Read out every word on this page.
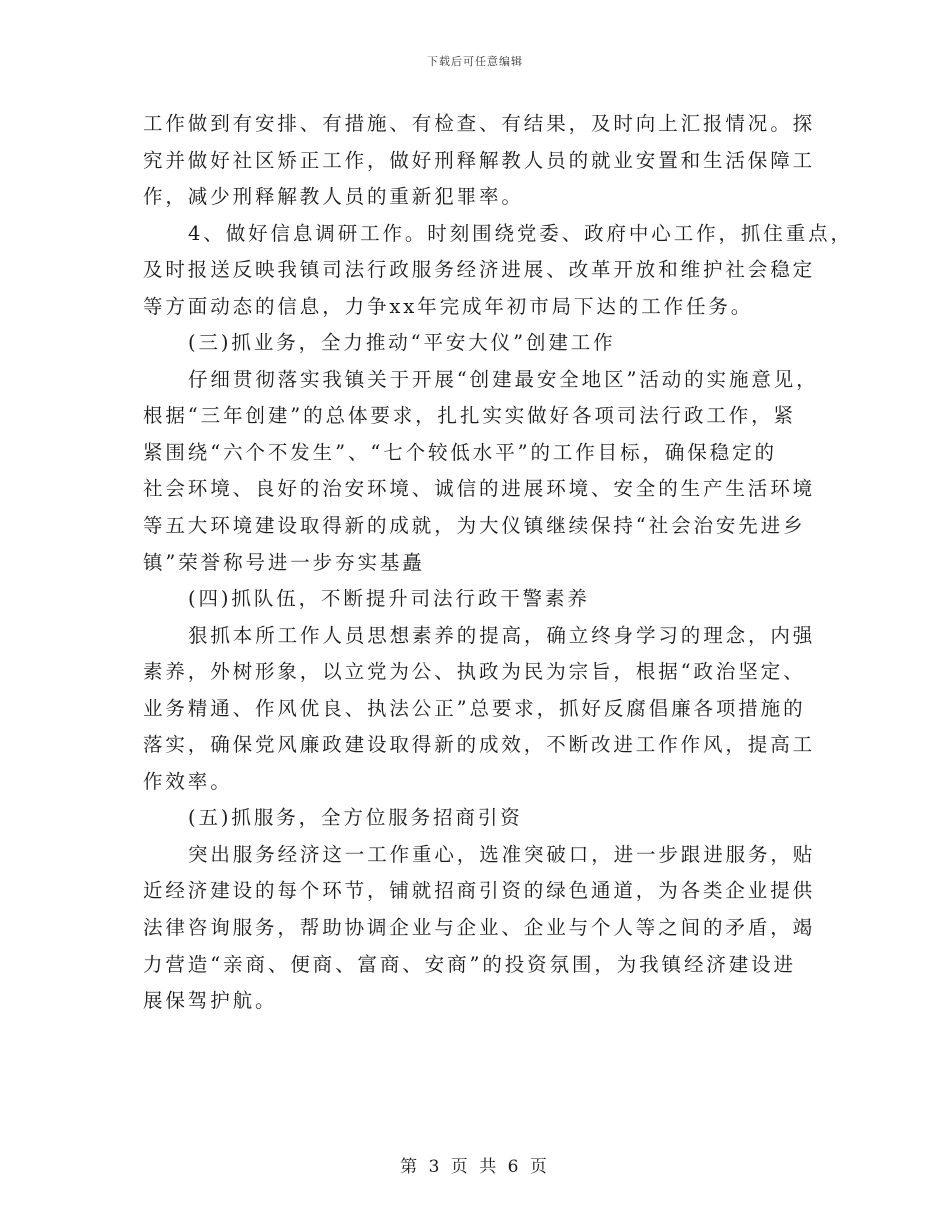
下载后可任意编辑
工作做到有安排、有措施、有检查、有结果，及时向上汇报情况。探
究并做好社区矫正工作，做好刑释解教人员的就业安置和生活保障工
作，减少刑释解教人员的重新犯罪率。
4、做好信息调研工作。时刻围绕党委、政府中心工作，抓住重点，
及时报送反映我镇司法行政服务经济进展、改革开放和维护社会稳定
等方面动态的信息，力争xx年完成年初市局下达的工作任务。
(三)抓业务，全力推动“平安大仪”创建工作
仔细贯彻落实我镇关于开展“创建最安全地区”活动的实施意见，
根据“三年创建”的总体要求，扎扎实实做好各项司法行政工作，紧
紧围绕“六个不发生”、“七个较低水平”的工作目标，确保稳定的
社会环境、良好的治安环境、诚信的进展环境、安全的生产生活环境
等五大环境建设取得新的成就，为大仪镇继续保持“社会治安先进乡
镇”荣誉称号进一步夯实基矗
(四)抓队伍，不断提升司法行政干警素养
狠抓本所工作人员思想素养的提高，确立终身学习的理念，内强
素养，外树形象，以立党为公、执政为民为宗旨，根据“政治坚定、
业务精通、作风优良、执法公正”总要求，抓好反腐倡廉各项措施的
落实，确保党风廉政建设取得新的成效，不断改进工作作风，提高工
作效率。
(五)抓服务，全方位服务招商引资
突出服务经济这一工作重心，选准突破口，进一步跟进服务，贴
近经济建设的每个环节，铺就招商引资的绿色通道，为各类企业提供
法律咨询服务，帮助协调企业与企业、企业与个人等之间的矛盾，竭
力营造“亲商、便商、富商、安商”的投资氛围，为我镇经济建设进
展保驾护航。
第 3 页 共 6 页
